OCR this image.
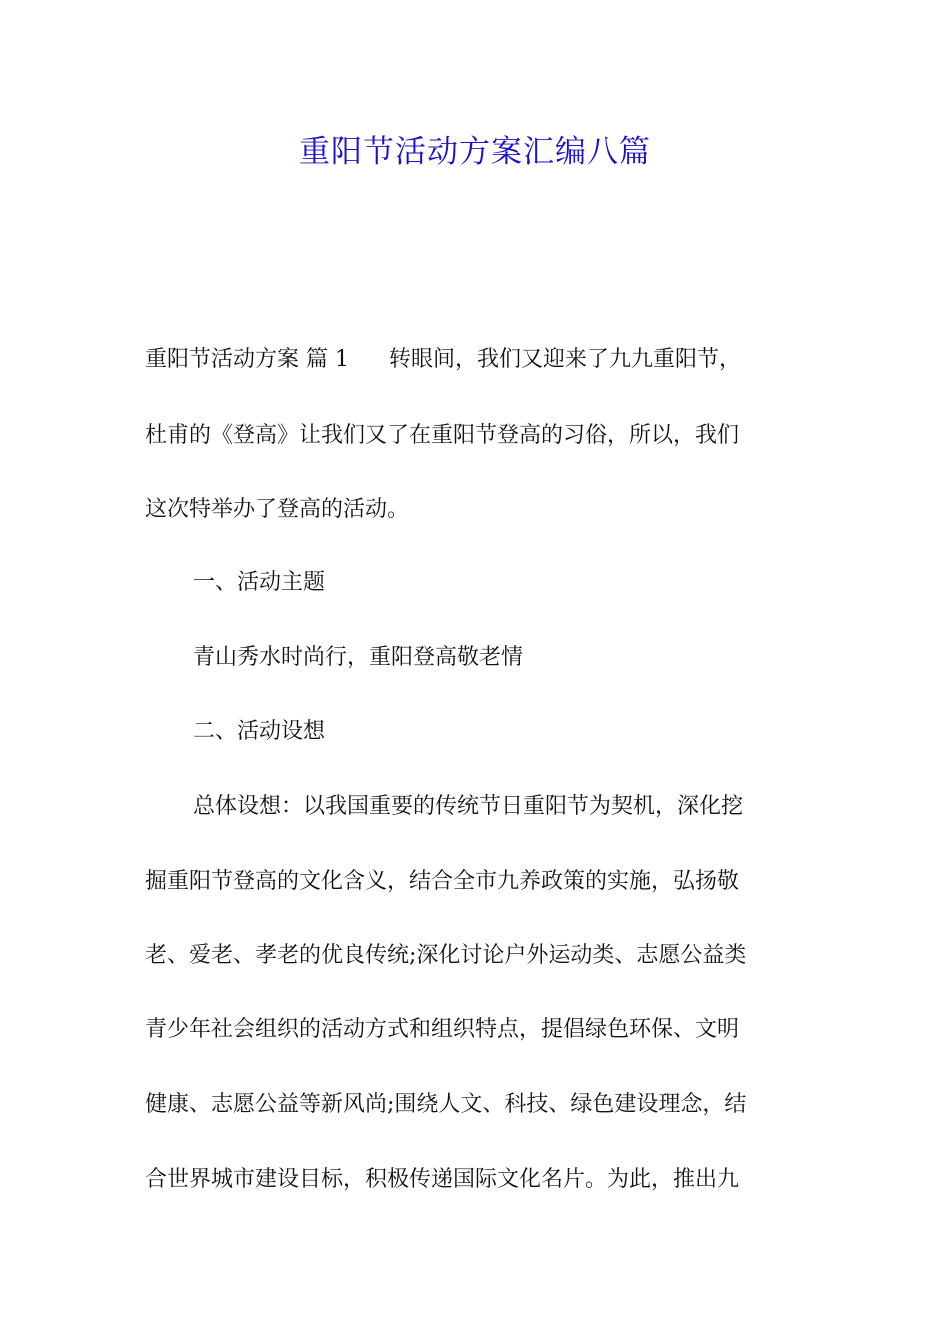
重阳节活动方案汇编八篇
重阳节活动方案 篇 1 转眼间，我们又迎来了九九重阳节，
杜甫的《登高》让我们又了在重阳节登高的习俗，所以，我们
这次特举办了登高的活动。
一、活动主题
青山秀水时尚行，重阳登高敬老情
二、活动设想
总体设想：以我国重要的传统节日重阳节为契机，深化挖
掘重阳节登高的文化含义，结合全市九养政策的实施，弘扬敬
老、爱老、孝老的优良传统;深化讨论户外运动类、志愿公益类
青少年社会组织的活动方式和组织特点，提倡绿色环保、文明
健康、志愿公益等新风尚;围绕人文、科技、绿色建设理念，结
合世界城市建设目标，积极传递国际文化名片。为此，推出九
